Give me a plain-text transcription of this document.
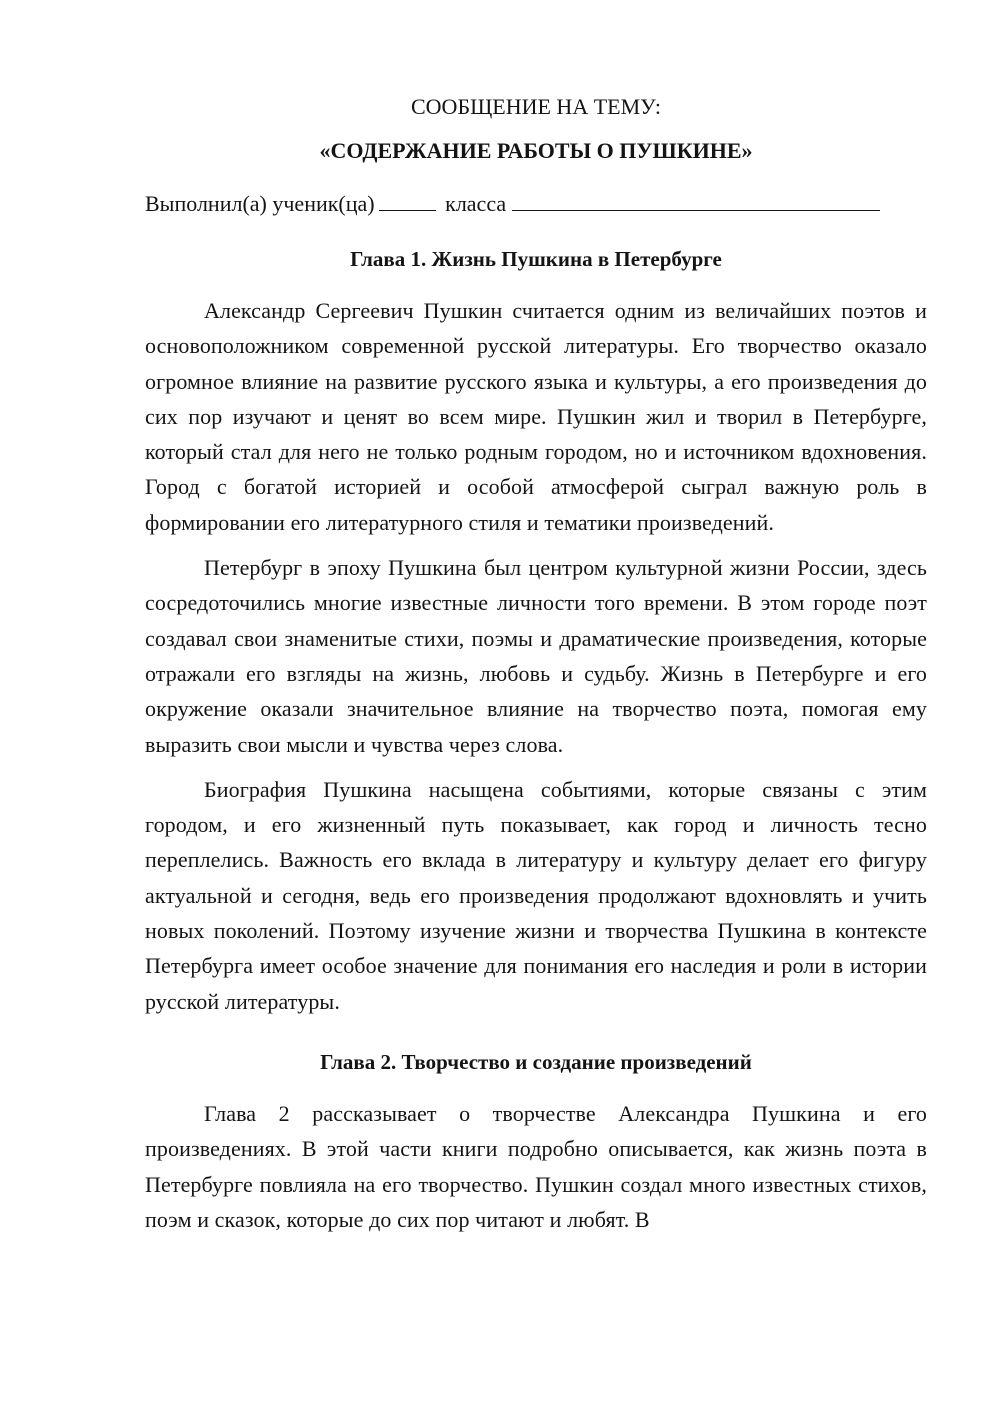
СООБЩЕНИЕ НА ТЕМУ:

«СОДЕРЖАНИЕ РАБОТЫ О ПУШКИНЕ»

Выполнил(а) ученик(ца)	класса

Глава 1. Жизнь Пушкина в Петербурге

Александр Сергеевич Пушкин считается одним из величайших поэтов и основоположником современной русской литературы. Его творчество оказало огромное влияние на развитие русского языка и культуры, а его произведения до сих пор изучают и ценят во всем мире. Пушкин жил и творил в Петербурге, который стал для него не только родным городом, но и источником вдохновения. Город с богатой историей и особой атмосферой сыграл важную роль в формировании его литературного стиля и тематики произведений.

Петербург в эпоху Пушкина был центром культурной жизни России, здесь сосредоточились многие известные личности того времени. В этом городе поэт создавал свои знаменитые стихи, поэмы и драматические произведения, которые отражали его взгляды на жизнь, любовь и судьбу. Жизнь в Петербурге и его окружение оказали значительное влияние на творчество поэта, помогая ему выразить свои мысли и чувства через слова.

Биография Пушкина насыщена событиями, которые связаны с этим городом, и его жизненный путь показывает, как город и личность тесно переплелись. Важность его вклада в литературу и культуру делает его фигуру актуальной и сегодня, ведь его произведения продолжают вдохновлять и учить новых поколений. Поэтому изучение жизни и творчества Пушкина в контексте Петербурга имеет особое значение для понимания его наследия и роли в истории русской литературы.

Глава 2. Творчество и создание произведений

Глава 2 рассказывает о творчестве Александра Пушкина и его произведениях. В этой части книги подробно описывается, как жизнь поэта в Петербурге повлияла на его творчество. Пушкин создал много известных стихов, поэм и сказок, которые до сих пор читают и любят. В
